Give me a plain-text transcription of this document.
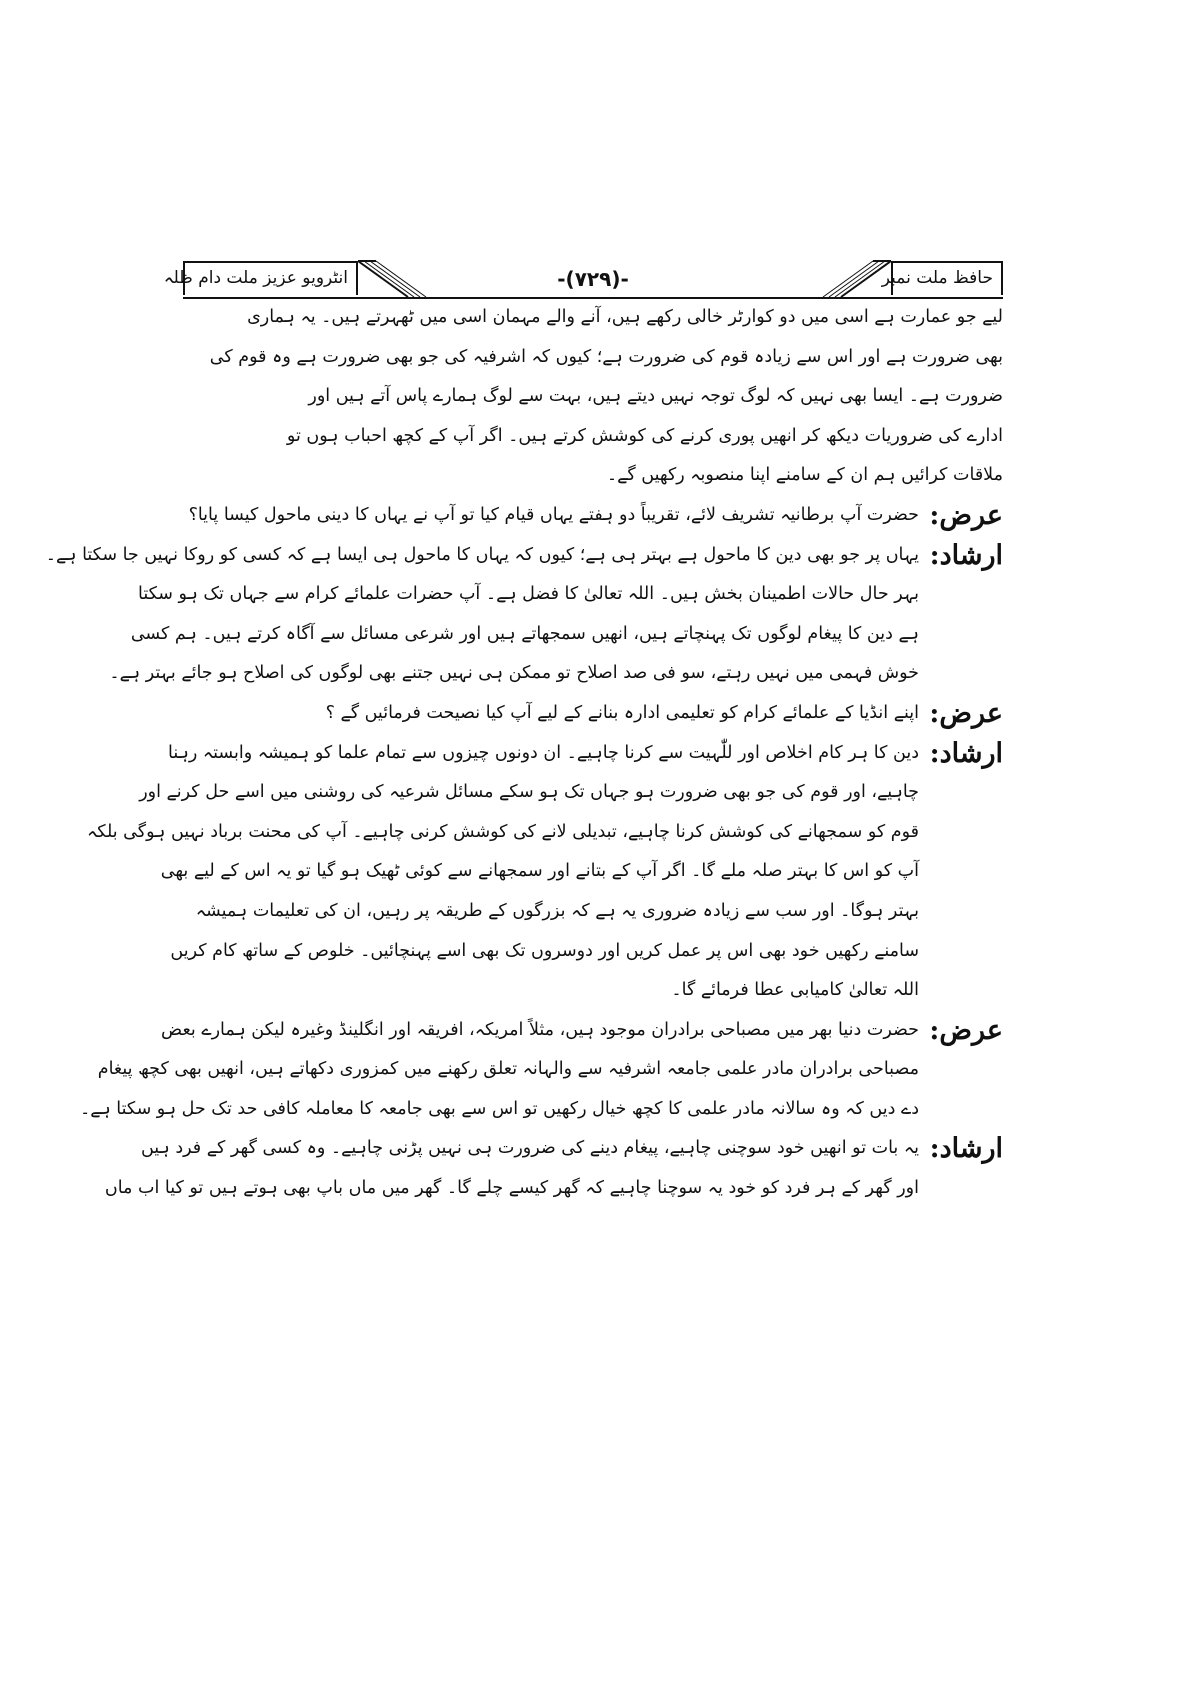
حافظ ملت نمبر
-(۷۲۹)-
انٹرویو عزیز ملت دام ظلہ
لیے جو عمارت ہے اسی میں دو کوارٹر خالی رکھے ہیں، آنے والے مہمان اسی میں ٹھہرتے ہیں۔ یہ ہماری
بھی ضرورت ہے اور اس سے زیادہ قوم کی ضرورت ہے؛ کیوں کہ اشرفیہ کی جو بھی ضرورت ہے وہ قوم کی
ضرورت ہے۔ ایسا بھی نہیں کہ لوگ توجہ نہیں دیتے ہیں، بہت سے لوگ ہمارے پاس آتے ہیں اور
ادارے کی ضروریات دیکھ کر انھیں پوری کرنے کی کوشش کرتے ہیں۔ اگر آپ کے کچھ احباب ہوں تو
ملاقات کرائیں ہم ان کے سامنے اپنا منصوبہ رکھیں گے۔
عرض:
حضرت آپ برطانیہ تشریف لائے، تقریباً دو ہفتے یہاں قیام کیا تو آپ نے یہاں کا دینی ماحول کیسا پایا؟
ارشاد:
یہاں پر جو بھی دین کا ماحول ہے بہتر ہی ہے؛ کیوں کہ یہاں کا ماحول ہی ایسا ہے کہ کسی کو روکا نہیں جا سکتا ہے۔
بہر حال حالات اطمینان بخش ہیں۔ اللہ تعالیٰ کا فضل ہے۔ آپ حضرات علمائے کرام سے جہاں تک ہو سکتا
ہے دین کا پیغام لوگوں تک پہنچاتے ہیں، انھیں سمجھاتے ہیں اور شرعی مسائل سے آگاہ کرتے ہیں۔ ہم کسی
خوش فہمی میں نہیں رہتے، سو فی صد اصلاح تو ممکن ہی نہیں جتنے بھی لوگوں کی اصلاح ہو جائے بہتر ہے۔
عرض:
اپنے انڈیا کے علمائے کرام کو تعلیمی ادارہ بنانے کے لیے آپ کیا نصیحت فرمائیں گے ؟
ارشاد:
دین کا ہر کام اخلاص اور للّٰہیت سے کرنا چاہیے۔ ان دونوں چیزوں سے تمام علما کو ہمیشہ وابستہ رہنا
چاہیے، اور قوم کی جو بھی ضرورت ہو جہاں تک ہو سکے مسائل شرعیہ کی روشنی میں اسے حل کرنے اور
قوم کو سمجھانے کی کوشش کرنا چاہیے، تبدیلی لانے کی کوشش کرنی چاہیے۔ آپ کی محنت برباد نہیں ہوگی بلکہ
آپ کو اس کا بہتر صلہ ملے گا۔ اگر آپ کے بتانے اور سمجھانے سے کوئی ٹھیک ہو گیا تو یہ اس کے لیے بھی
بہتر ہوگا۔ اور سب سے زیادہ ضروری یہ ہے کہ بزرگوں کے طریقہ پر رہیں، ان کی تعلیمات ہمیشہ
سامنے رکھیں خود بھی اس پر عمل کریں اور دوسروں تک بھی اسے پہنچائیں۔ خلوص کے ساتھ کام کریں
اللہ تعالیٰ کامیابی عطا فرمائے گا۔
عرض:
حضرت دنیا بھر میں مصباحی برادران موجود ہیں، مثلاً امریکہ، افریقہ اور انگلینڈ وغیرہ لیکن ہمارے بعض
مصباحی برادران مادر علمی جامعہ اشرفیہ سے والہانہ تعلق رکھنے میں کمزوری دکھاتے ہیں، انھیں بھی کچھ پیغام
دے دیں کہ وہ سالانہ مادر علمی کا کچھ خیال رکھیں تو اس سے بھی جامعہ کا معاملہ کافی حد تک حل ہو سکتا ہے۔
ارشاد:
یہ بات تو انھیں خود سوچنی چاہیے، پیغام دینے کی ضرورت ہی نہیں پڑنی چاہیے۔ وہ کسی گھر کے فرد ہیں
اور گھر کے ہر فرد کو خود یہ سوچنا چاہیے کہ گھر کیسے چلے گا۔ گھر میں ماں باپ بھی ہوتے ہیں تو کیا اب ماں
